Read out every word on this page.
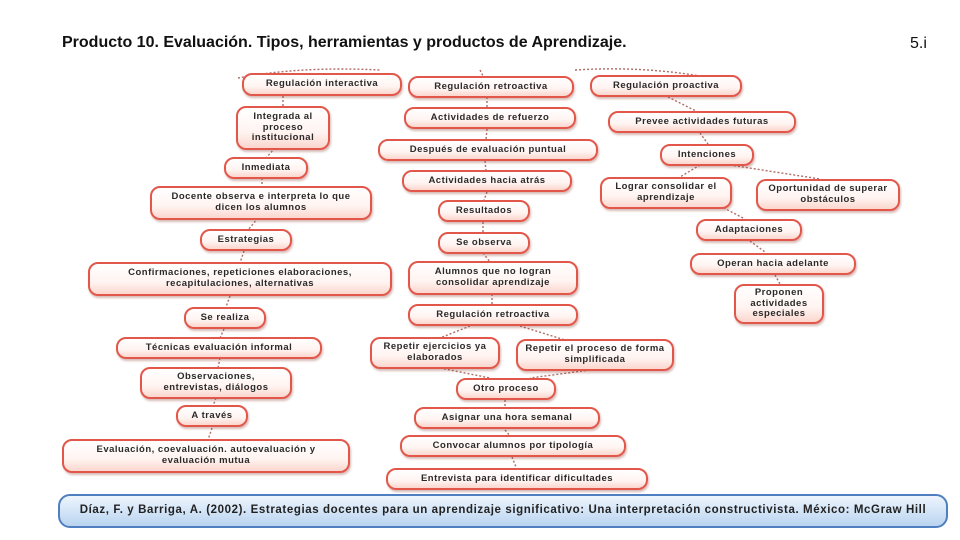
Producto 10. Evaluación. Tipos, herramientas y productos de Aprendizaje.	5.i
Regulación interactiva
Integrada al proceso institucional
Inmediata
Docente observa e interpreta lo que dicen los alumnos
Estrategias
Confirmaciones, repeticiones elaboraciones, recapitulaciones, alternativas
Se realiza
Técnicas evaluación informal
Observaciones, entrevistas, diálogos
A través
Evaluación, coevaluación. autoevaluación y evaluación mutua
Regulación retroactiva
Actividades de refuerzo
Después de evaluación puntual
Actividades hacia atrás
Resultados
Se observa
Alumnos que no logran consolidar aprendizaje
Regulación retroactiva
Repetir ejercicios ya elaborados
Repetir el proceso de forma simplificada
Otro proceso
Asignar una hora semanal
Convocar alumnos por tipología
Entrevista para identificar dificultades
Regulación proactiva
Prevee actividades futuras
Intenciones
Lograr consolidar el aprendizaje
Oportunidad de superar obstáculos
Adaptaciones
Operan hacia adelante
Proponen actividades especiales
Díaz, F. y Barriga, A. (2002). Estrategias docentes para un aprendizaje significativo: Una interpretación constructivista. México: McGraw Hill
